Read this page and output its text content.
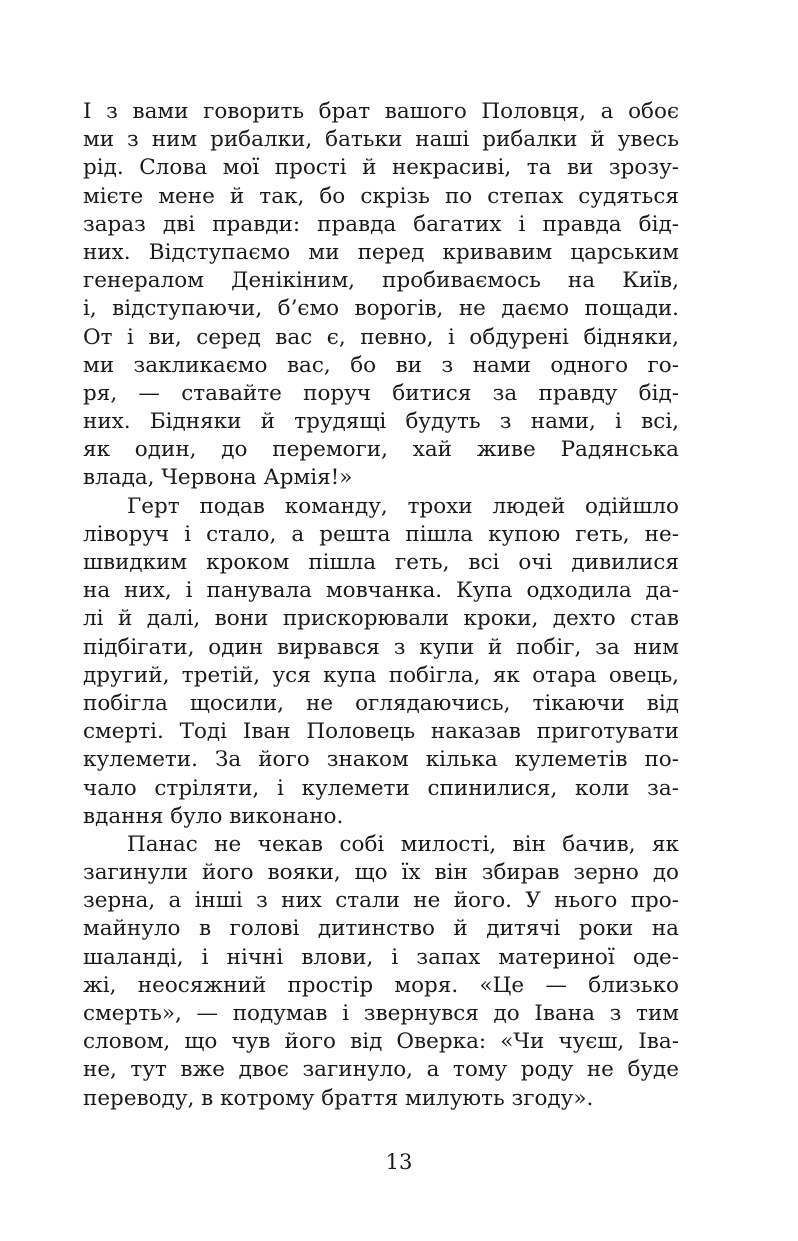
І з вами говорить брат вашого Половця, а обоє
ми з ним рибалки, батьки наші рибалки й увесь
рід. Слова мої прості й некрасиві, та ви зрозу-
мієте мене й так, бо скрізь по степах судяться
зараз дві правди: правда багатих і правда бід-
них. Відступаємо ми перед кривавим царським
генералом Денікіним, пробиваємось на Київ,
і, відступаючи, б’ємо ворогів, не даємо пощади.
От і ви, серед вас є, певно, і обдурені бідняки,
ми закликаємо вас, бо ви з нами одного го-
ря, — ставайте поруч битися за правду бід-
них. Бідняки й трудящі будуть з нами, і всі,
як один, до перемоги, хай живе Радянська
влада, Червона Армія!»
Герт подав команду, трохи людей одійшло
ліворуч і стало, а решта пішла купою геть, не-
швидким кроком пішла геть, всі очі дивилися
на них, і панувала мовчанка. Купа одходила да-
лі й далі, вони прискорювали кроки, дехто став
підбігати, один вирвався з купи й побіг, за ним
другий, третій, уся купа побігла, як отара овець,
побігла щосили, не оглядаючись, тікаючи від
смерті. Тоді Іван Половець наказав приготувати
кулемети. За його знаком кілька кулеметів по-
чало стріляти, і кулемети спинилися, коли за-
вдання було виконано.
Панас не чекав собі милості, він бачив, як
загинули його вояки, що їх він збирав зерно до
зерна, а інші з них стали не його. У нього про-
майнуло в голові дитинство й дитячі роки на
шаланді, і нічні влови, і запах материної оде-
жі, неосяжний простір моря. «Це — близько
смерть», — подумав і звернувся до Івана з тим
словом, що чув його від Оверка: «Чи чуєш, Іва-
не, тут вже двоє загинуло, а тому роду не буде
переводу, в котрому браття милують згоду».
13
